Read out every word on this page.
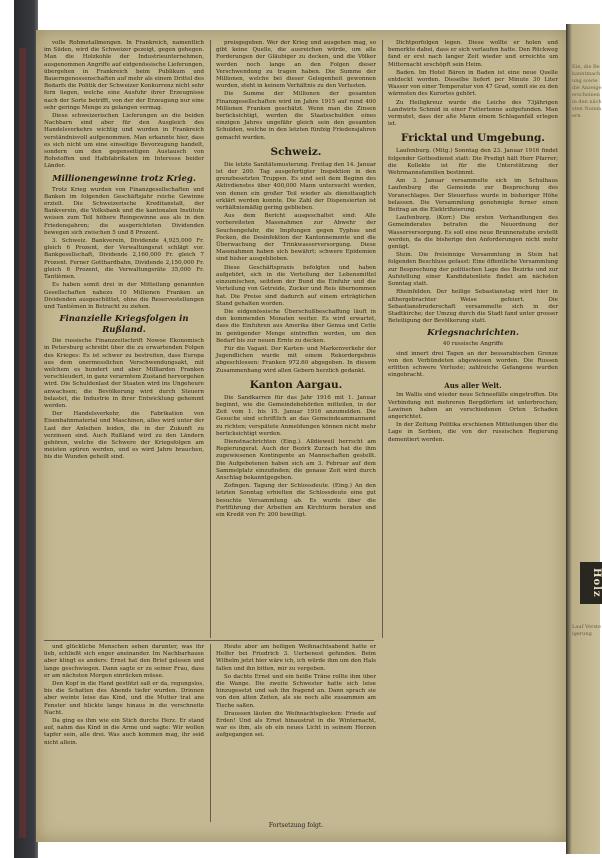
volle Rohmetallmengen. In Frankreich, namentlich im Süden, wird die Schweizer gezeigt, gegen gehegen. Man die Holzkohle der Industrieunternehmen, ausgenommen Angriffe auf eidgenössische Lieferungen, übergehen in Frankreich beim Publikum und Bauerngenossenschaften auf mehr als einem Drittel des Bedarfs die Politik der Schweizer Konkurrenz nicht sehr fern liegen, welche eine Ausfuhr ihrer Erzeugnisse nach der Sorte betrifft, von der der Erzeugung nur eine sehr geringe Menge zu gelangen vermag.

Diese schweizerischen Lieferungen an die beiden Nachbarn sind aber für den Ausgleich des Handelsverkehrs wichtig und wurden in Frankreich verständnisvoll aufgenommen. Man erkannte hier, dass es sich nicht um eine einseitige Bevorzugung handelt, sondern um den gegenseitigen Austausch von Rohstoffen und Halbfabrikaten im Interesse beider Länder.

Millionengewinne trotz Krieg.

Trotz Krieg wurden von Finanzgesellschaften und Banken im folgenden Geschäftsjahr reiche Gewinne erzielt. Die Schweizerische Kreditanstalt, der Bankverein, die Volksbank und die kantonalen Institute weisen zum Teil höhere Reingewinne aus als in den Friedensjahren; die ausgerichteten Dividenden bewegen sich zwischen 5 und 8 Prozent.

3. Schweiz. Bankverein, Dividende 4,925,000 Fr. gleich 6 Prozent, der Verwaltungsrat schlägt vor. Bankgesellschaft, Dividende 2,160,000 Fr. gleich 7 Prozent. Ferner Gotthardbahn, Dividende 2,150,000 Fr. gleich 6 Prozent, die Verwaltungsräte 35,000 Fr. Tantièmen.

Es haben somit drei in der Mitteilung genannten Gesellschaften nahezu 10 Millionen Franken an Dividenden ausgeschüttet, ohne die Reservestellungen und Tantièmen in Betracht zu ziehen.

Finanzielle Kriegsfolgen in Rußland.

Die russische Finanzzeitschrift Nowoe Ekonomisch in Petersburg schreibt über die zu erwartenden Folgen des Krieges: Es ist schwer zu bestreiten, dass Europa aus dem unermesslichen Verschwendungsakt, mit welchem es hundert und aber Milliarden Franken verschleudert, in ganz verarmtem Zustand hervorgehen wird. Die Schuldenlast der Staaten wird ins Ungeheure anwachsen; die Bevölkerung wird durch Steuern belastet, die Industrie in ihrer Entwicklung gehemmt werden.

Der Handelsverkehr, die Fabrikation von Eisenbahnmaterial und Maschinen, alles wird unter der Last der Anleihen leiden, die in der Zukunft zu verzinsen sind. Auch Rußland wird zu den Ländern gehören, welche die Schwere der Kriegsfolgen am meisten spüren werden, und es wird Jahre brauchen, bis die Wunden geheilt sind.

preisgegeben. Wer der Krieg und ausgehen mag, so gibt keine Quelle, die ausreichen würde, um alle Forderungen der Gläubiger zu decken, und die Völker werden noch lange an den Folgen dieser Verschwendung zu tragen haben. Die Summe der Millionen, welche bei dieser Gelegenheit gewonnen wurden, steht in keinem Verhältnis zu den Verlusten.

Die Summe der Millionen der gesamten Finanzgesellschaften wird im Jahre 1915 auf rund 400 Millionen Franken geschätzt. Wenn man die Zinsen berücksichtigt, werden die Staatsschulden eines einzigen Jahres ungefähr gleich sein den gesamten Schulden, welche in den letzten fünfzig Friedensjahren gemacht wurden.

Schweiz.

Die letzte Sanitätsmusterung. Freitag den 14. Januar ist der 200. Tag ausgefertigter Inspektion in den grenzbesetzten Truppen. Es sind seit dem Beginn des Aktivdienstes über 400,000 Mann untersucht worden, von denen ein großer Teil wieder als diensttauglich erklärt werden konnte. Die Zahl der Dispensierten ist verhältnismäßig gering geblieben.

Aus dem Bericht ausgeschaltet sind: Alle vorbereiteten Massnahmen zur Abwehr der Seuchengefahr, die Impfungen gegen Typhus und Pocken, die Desinfektion der Kantonnemente und die Überwachung der Trinkwasserversorgung. Diese Massnahmen haben sich bewährt; schwere Epidemien sind bisher ausgeblieben.

Diese Geschäftspraxis befolgten und haben aufgehört, sich in die Verteilung der Lebensmittel einzumischen, seitdem der Bund die Einfuhr und die Verteilung von Getreide, Zucker und Reis übernommen hat. Die Preise sind dadurch auf einem erträglichen Stand gehalten worden.

Die eidgenössische Überschußbeschaffung läuft in den kommenden Monaten weiter. Es wird erwartet, dass die Einfuhren aus Amerika über Genua und Cette in genügender Menge eintreffen werden, um den Bedarf bis zur neuen Ernte zu decken.

Für die Vagant. Der Karten- und Markenverkehr der Jugendlichen wurde mit einem Rekordergebnis abgeschlossen: Franken 972.60 abgegeben. In diesem Zusammenhang wird allen Gebern herzlich gedankt.

Kanton Aargau.

Die Sandkarren für das Jahr 1916 mit 1. Januar beginnt, wie die Gemeindebehörden mitteilen, in der Zeit vom 1. bis 15. Januar 1916 anzumelden. Die Gesuche sind schriftlich an das Gemeindeammannamt zu richten; verspätete Anmeldungen können nicht mehr berücksichtigt werden.

Dienstnachrichten (Eing.). Alldieweil herrscht am Regierungsrat. Auch der Bezirk Zurzach hat die ihm zugewiesenen Kontingente an Mannschaften gestellt. Die Aufgebotenen haben sich am 3. Februar auf dem Sammelplatz einzufinden; die genaue Zeit wird durch Anschlag bekanntgegeben.

Zofingen. Tagung der Schlossdeute. (Eing.) An den letzten Sonntag erhielten die Schlossdeute eine gut besuchte Versammlung ab. Es wurde über die Fortführung der Arbeiten am Kirchturm beraten und ein Kredit von Fr. 200 bewilligt.

Dichtporfolgen legen. Diese wollte er holen und bemerkte dabei, dass er sich verlaufen hatte. Den Rückweg fand er erst nach langer Zeit wieder und erreichte um Mitternacht erschöpft sein Heim.

Baden. Im Hotel Bären in Baden ist eine neue Quelle entdeckt worden. Dieselbe liefert per Minute 30 Liter Wasser von einer Temperatur von 47 Grad, somit sie zu den wärmsten des Kurortes gehört.

Zu Heiligkreuz wurde die Leiche des 73jährigen Landwirts Schmid in einer Futtertenne aufgefunden. Man vermutet, dass der alte Mann einem Schlaganfall erlegen ist.

Fricktal und Umgebung.

Laufenburg. (Mitg.) Sonntag den 23. Januar 1916 findet folgender Gottesdienst statt: Die Predigt hält Herr Pfarrer; die Kollekte ist für die Unterstützung der Wehrmannsfamilien bestimmt.

Am 3. Januar versammelte sich im Schulhaus Laufenburg die Gemeinde zur Besprechung des Voranschlages. Der Steuerfuss wurde in bisheriger Höhe belassen. Die Versammlung genehmigte ferner einen Beitrag an die Elektrifizierung.

Laufenburg. (Korr.) Die ersten Verhandlungen des Gemeinderates betrafen die Neuordnung der Wasserversorgung. Es soll eine neue Brunnenstube erstellt werden, da die bisherige den Anforderungen nicht mehr genügt.

Stein. Die freisinnige Versammlung in Stein hat folgenden Beschluss gefasst: Eine öffentliche Versammlung zur Besprechung der politischen Lage des Bezirks und zur Aufstellung einer Kandidatenliste findet am nächsten Sonntag statt.

Rheinfelden. Der heilige Sebastianstag wird hier in althergebrachter Weise gefeiert. Die Sebastiansbruderschaft versammelte sich in der Stadtkirche; der Umzug durch die Stadt fand unter grosser Beteiligung der Bevölkerung statt.

Kriegsnachrichten.
40 russische Angriffe

sind innert drei Tagen an der bessarabischen Grenze von den Verbündeten abgewiesen worden. Die Russen erlitten schwere Verluste; zahlreiche Gefangene wurden eingebracht.

Aus aller Welt.

Im Wallis sind wieder neue Schneefälle eingetroffen. Die Verbindung mit mehreren Bergdörfern ist unterbrochen; Lawinen haben an verschiedenen Orten Schaden angerichtet.

In der Zeitung Politika erschienen Mitteilungen über die Lage in Serbien, die von der russischen Regierung dementiert werden.

und glückliche Menschen sehen darunter, was ihr lieb, schließt sich enger aneinander. Im Nachbarhause aber klingt es anders: Ernst hat den Brief gelesen und lange geschwiegen. Dann sagte er zu seiner Frau, dass er am nächsten Morgen einrücken müsse.

Den Kopf in die Hand gestützt saß er da, regungslos, bis die Schatten des Abends tiefer wurden. Drinnen aber weinte leise das Kind, und die Mutter trat ans Fenster und blickte lange hinaus in die verschneite Nacht.

Da ging es ihm wie ein Stich durchs Herz. Er stand auf, nahm das Kind in die Arme und sagte: Wir wollen tapfer sein, alle drei. Was auch kommen mag, ihr seid nicht allein.

Heute aber am heiligen Weihnachtsabend hatte er Helfer bei Friedrich 3. Uerbenest gefunden. Beim Wilhelm jetzt hier wäre ich, ich würde ihm um den Hals fallen und ihn bitten, mir zu vergeben.

So dachte Ernst und ein heiße Träne rollte ihm über die Wange. Die zweite Schwester hatte sich leise hinzugesetzt und sah ihn fragend an. Dann sprach sie von den alten Zeiten, als sie noch alle zusammen am Tische saßen.

Draussen läuten die Weihnachtsglocken: Friede auf Erden! Und als Ernst hinaustrat in die Winternacht, war es ihm, als ob ein neues Licht in seinem Herzen aufgegangen sei.

Fortsetzung folgt.
Ein, die Bekanntmachung sowie die Anzeige erscheinen in den nächsten Nummern
Holz
Lauf Versteigerung
